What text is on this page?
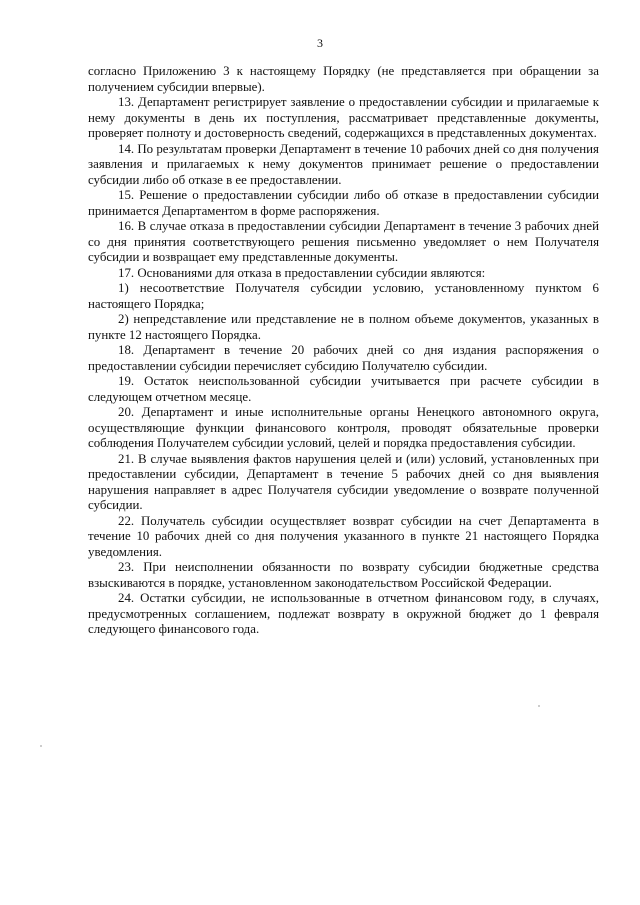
3

согласно Приложению 3 к настоящему Порядку (не представляется при обращении за получением субсидии впервые).

13. Департамент регистрирует заявление о предоставлении субсидии и прилагаемые к нему документы в день их поступления, рассматривает представленные документы, проверяет полноту и достоверность сведений, содержащихся в представленных документах.

14. По результатам проверки Департамент в течение 10 рабочих дней со дня получения заявления и прилагаемых к нему документов принимает решение о предоставлении субсидии либо об отказе в ее предоставлении.

15. Решение о предоставлении субсидии либо об отказе в предоставлении субсидии принимается Департаментом в форме распоряжения.

16. В случае отказа в предоставлении субсидии Департамент в течение 3 рабочих дней со дня принятия соответствующего решения письменно уведомляет о нем Получателя субсидии и возвращает ему представленные документы.

17. Основаниями для отказа в предоставлении субсидии являются:

1) несоответствие Получателя субсидии условию, установленному пунктом 6 настоящего Порядка;

2) непредставление или представление не в полном объеме документов, указанных в пункте 12 настоящего Порядка.

18. Департамент в течение 20 рабочих дней со дня издания распоряжения о предоставлении субсидии перечисляет субсидию Получателю субсидии.

19. Остаток неиспользованной субсидии учитывается при расчете субсидии в следующем отчетном месяце.

20. Департамент и иные исполнительные органы Ненецкого автономного округа, осуществляющие функции финансового контроля, проводят обязательные проверки соблюдения Получателем субсидии условий, целей и порядка предоставления субсидии.

21. В случае выявления фактов нарушения целей и (или) условий, установленных при предоставлении субсидии, Департамент в течение 5 рабочих дней со дня выявления нарушения направляет в адрес Получателя субсидии уведомление о возврате полученной субсидии.

22. Получатель субсидии осуществляет возврат субсидии на счет Департамента в течение 10 рабочих дней со дня получения указанного в пункте 21 настоящего Порядка уведомления.

23. При неисполнении обязанности по возврату субсидии бюджетные средства взыскиваются в порядке, установленном законодательством Российской Федерации.

24. Остатки субсидии, не использованные в отчетном финансовом году, в случаях, предусмотренных соглашением, подлежат возврату в окружной бюджет до 1 февраля следующего финансового года.
